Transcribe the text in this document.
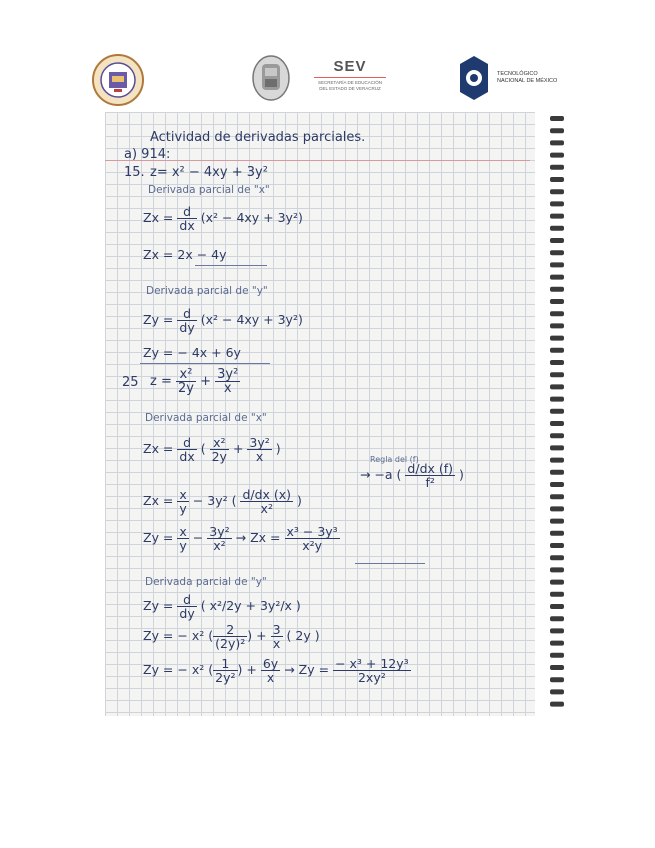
SEV
SECRETARÍA DE EDUCACIÓN
DEL ESTADO DE VERACRUZ
TECNOLÓGICO
NACIONAL DE MÉXICO
Actividad de derivadas parciales.
a) 914:
15. z= x² − 4xy + 3y²
Derivada parcial de "x"
$Zx = \frac{d}{dx} (x^2 - 4xy + 3y^2)$
Zx = 2x − 4y
Derivada parcial de "y"
$Zy = \frac{d}{dy} (x^2 - 4xy + 3y^2)$
Zy = − 4x + 6y
25 $z = \frac{\text{x²}}{2y} + \frac{\text{3y²}}{x}$
Derivada parcial de "x"
$Zx = \frac{d}{dx}$ ( $\frac{\text{x²}}{2y} + \frac{\text{3y²}}{x}$ )
Regla del (f)
→ −a ( $\frac{d/dx (f)}{\text{f²}}$ )
$Zx = \frac{x}{y} - 3y^2$ ( $\frac{d/dx (x)}{\text{x²}}$ )
$Zy = \frac{x}{y} - \frac{\text{3y²}}{\text{x²}} \to Zx = \frac{\text{x³ − 3y³}}{\text{x²y}}$
Derivada parcial de "y"
$Zy = \frac{d}{dy}$ ( x²/2y + 3y²/x )
Zy = − x² ( $\frac{2}{\text{(2y)²}}$ ) + $\frac{3}{x}$ ( 2y )
Zy = − x² ( $\frac{1}{\text{2y²}}$ ) + $\frac{6y}{x} \to Zy = \frac{\text{− x³ + 12y³}}{\text{2xy²}}$
